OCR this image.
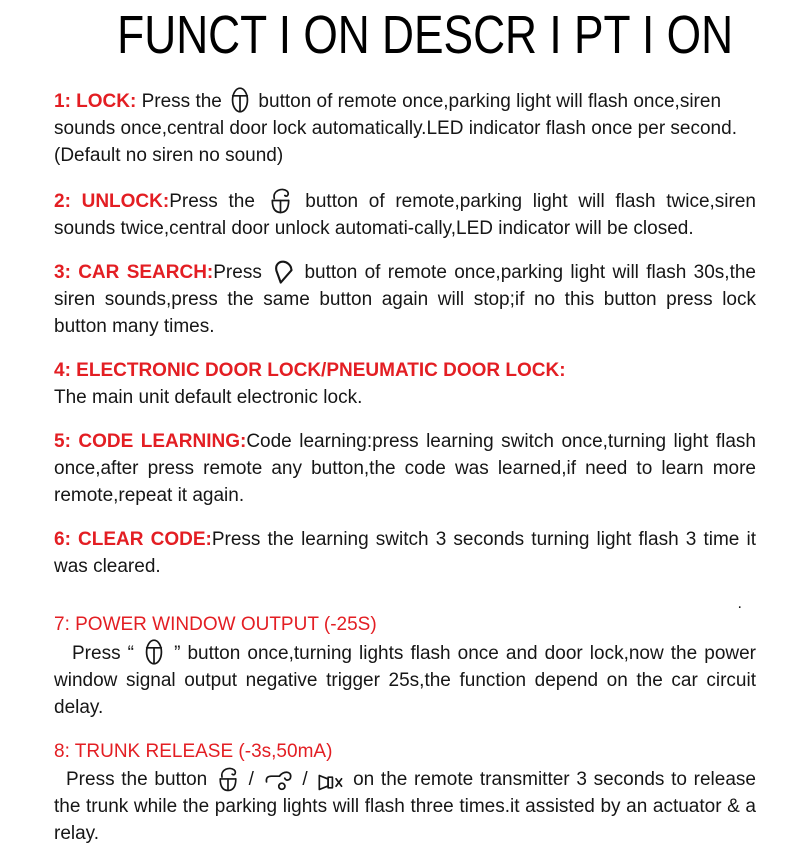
FUNCT I ON DESCR I PT I ON

1: LOCK: Press the  button of remote once,parking light will flash once,siren sounds once,central door lock automatically.LED indicator flash once per second. (Default no siren no sound)

2: UNLOCK:Press the  button of remote,parking light will flash twice,siren sounds twice,central door unlock automati-cally,LED indicator will be closed.

3: CAR SEARCH:Press  button of remote once,parking light will flash 30s,the siren sounds,press the same button again will stop;if no this button press lock button many times.

4: ELECTRONIC DOOR LOCK/PNEUMATIC DOOR LOCK:
The main unit default electronic lock.

5: CODE LEARNING:Code learning:press learning switch once,turning light flash once,after press remote any button,the code was learned,if need to learn more remote,repeat it again.

6: CLEAR CODE:Press the learning switch 3 seconds turning light flash 3 time it was cleared.

.

7: POWER WINDOW OUTPUT (-25S)

Press “  ” button once,turning lights flash once and door lock,now the power window signal output negative trigger 25s,the function depend on the car circuit delay.

8: TRUNK RELEASE (-3s,50mA)

Press the button  /  /  on the remote transmitter 3 seconds to release the trunk while the parking lights will flash three times.it assisted by an actuator & a relay.
